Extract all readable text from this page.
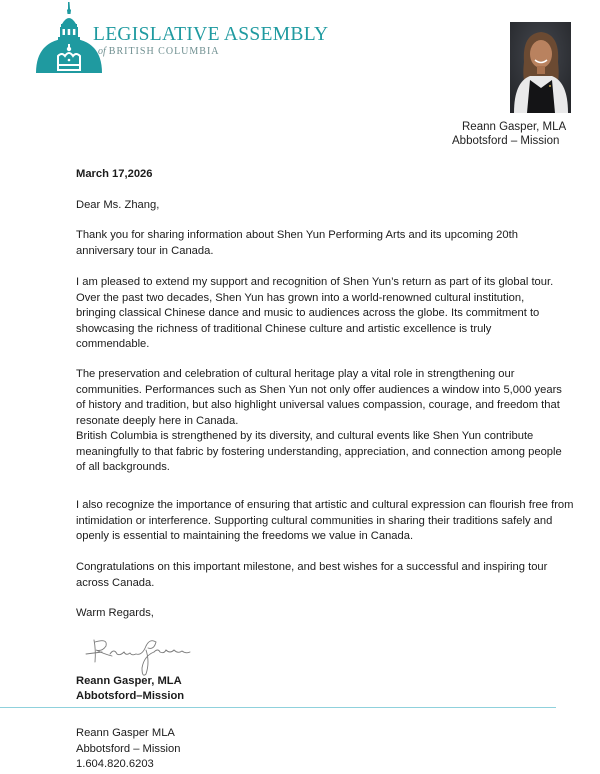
LEGISLATIVE ASSEMBLY
of BRITISH COLUMBIA
Reann Gasper, MLA
Abbotsford – Mission

March 17,2026

Dear Ms. Zhang,

Thank you for sharing information about Shen Yun Performing Arts and its upcoming 20th anniversary tour in Canada.

I am pleased to extend my support and recognition of Shen Yun’s return as part of its global tour. Over the past two decades, Shen Yun has grown into a world-renowned cultural institution, bringing classical Chinese dance and music to audiences across the globe. Its commitment to showcasing the richness of traditional Chinese culture and artistic excellence is truly commendable.

The preservation and celebration of cultural heritage play a vital role in strengthening our communities. Performances such as Shen Yun not only offer audiences a window into 5,000 years of history and tradition, but also highlight universal values compassion, courage, and freedom that resonate deeply here in Canada.

British Columbia is strengthened by its diversity, and cultural events like Shen Yun contribute meaningfully to that fabric by fostering understanding, appreciation, and connection among people of all backgrounds.

I also recognize the importance of ensuring that artistic and cultural expression can flourish free from intimidation or interference. Supporting cultural communities in sharing their traditions safely and openly is essential to maintaining the freedoms we value in Canada.

Congratulations on this important milestone, and best wishes for a successful and inspiring tour across Canada.

Warm Regards,

Reann Gasper, MLA

Abbotsford–Mission

Reann Gasper MLA

Abbotsford – Mission

1.604.820.6203
